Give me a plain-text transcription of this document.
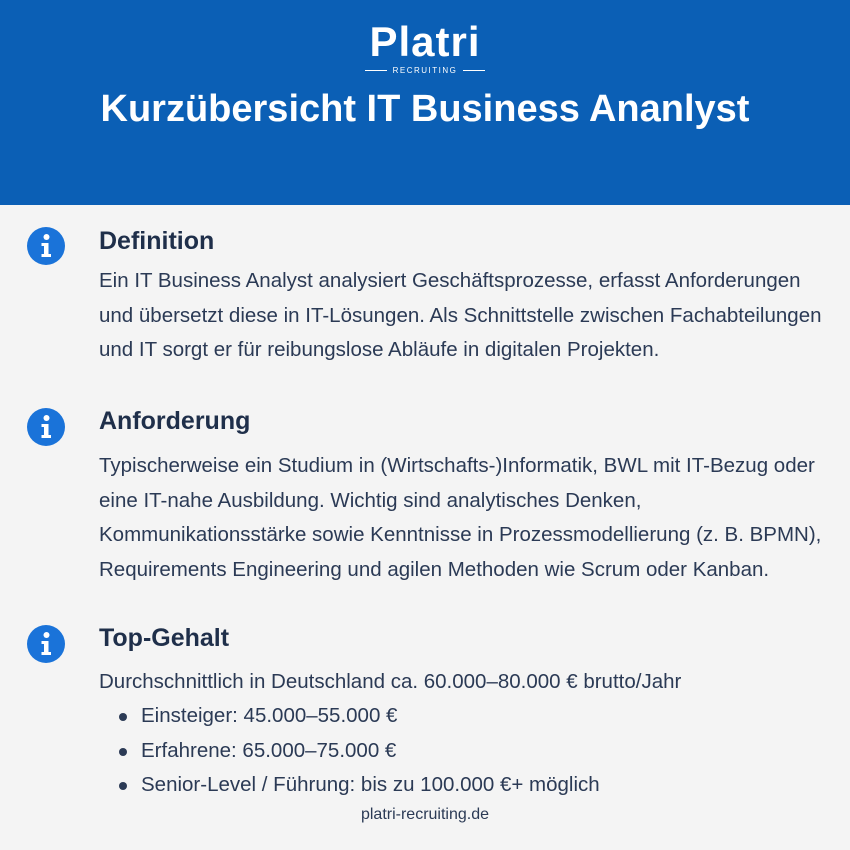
Platri
RECRUITING
Kurzübersicht IT Business Ananlyst
Definition
Ein IT Business Analyst analysiert Geschäftsprozesse, erfasst Anforderungen und übersetzt diese in IT-Lösungen. Als Schnittstelle zwischen Fachabteilungen und IT sorgt er für reibungslose Abläufe in digitalen Projekten.
Anforderung
Typischerweise ein Studium in (Wirtschafts-)Informatik, BWL mit IT-Bezug oder eine IT-nahe Ausbildung. Wichtig sind analytisches Denken, Kommunikationsstärke sowie Kenntnisse in Prozessmodellierung (z. B. BPMN), Requirements Engineering und agilen Methoden wie Scrum oder Kanban.
Top-Gehalt
Durchschnittlich in Deutschland ca. 60.000–80.000 € brutto/Jahr
Einsteiger: 45.000–55.000 €
Erfahrene: 65.000–75.000 €
Senior-Level / Führung: bis zu 100.000 €+ möglich
platri-recruiting.de
